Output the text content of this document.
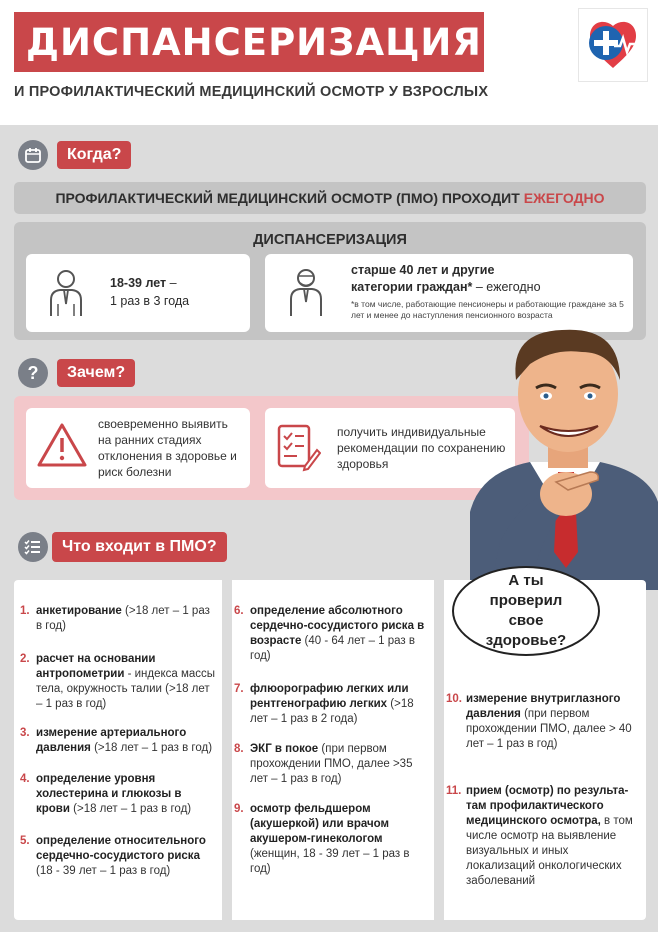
ДИСПАНСЕРИЗАЦИЯ
И ПРОФИЛАКТИЧЕСКИЙ МЕДИЦИНСКИЙ ОСМОТР У ВЗРОСЛЫХ
Когда?
ПРОФИЛАКТИЧЕСКИЙ МЕДИЦИНСКИЙ ОСМОТР (ПМО) ПРОХОДИТ ЕЖЕГОДНО
ДИСПАНСЕРИЗАЦИЯ
18-39 лет –
1 раз в 3 года
старше 40 лет и другие категории граждан* – ежегодно
*в том числе, работающие пенсионеры и работающие граждане за 5 лет и менее до наступления пенсионного возраста
?	Зачем?
своевременно выявить на ранних стадиях отклонения в здоровье и риск болезни
получить индивидуальные рекомендации по сохранению здоровья
Что входит в ПМО?
1. анкетирование (>18 лет – 1 раз в год)
2. расчет на основании антропометрии - индекса массы тела, окружность талии (>18 лет – 1 раз в год)
3. измерение артериального давления (>18 лет – 1 раз в год)
4. определение уровня холестерина и глюкозы в крови (>18 лет – 1 раз в год)
5. определение относительного сердечно-сосудистого риска (18 - 39 лет – 1 раз в год)
6. определение абсолютного сердечно-сосудистого риска в возрасте (40 - 64 лет – 1 раз в год)
7. флюорографию легких или рентгенографию легких (>18 лет – 1 раз в 2 года)
8. ЭКГ в покое (при первом прохождении ПМО, далее >35 лет – 1 раз в год)
9. осмотр фельдшером (акушеркой) или врачом акушером-гинекологом (женщин, 18 - 39 лет – 1 раз в год)
10. измерение внутриглазного давления (при первом прохождении ПМО, далее > 40 лет – 1 раз в год)
11. прием (осмотр) по результа-там профилактического медицинского осмотра, в том числе осмотр на выявление визуальных и иных локализаций онкологических заболеваний
А ты проверил свое здоровье?
